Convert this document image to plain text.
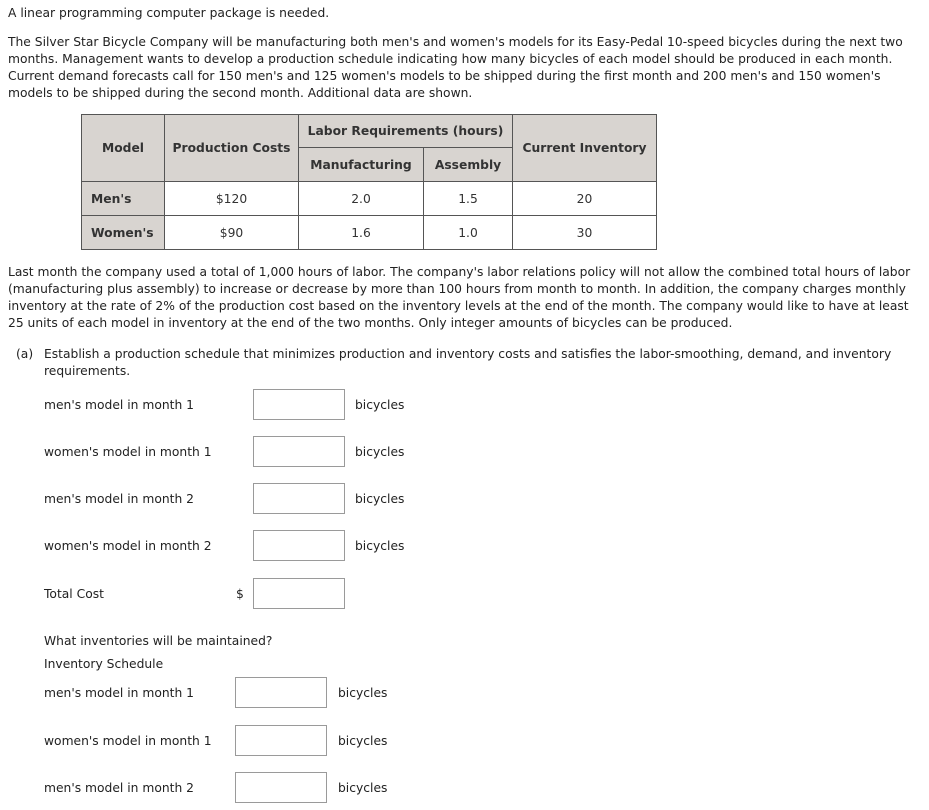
A linear programming computer package is needed.

The Silver Star Bicycle Company will be manufacturing both men's and women's models for its Easy-Pedal 10-speed bicycles during the next two

months. Management wants to develop a production schedule indicating how many bicycles of each model should be produced in each month.

Current demand forecasts call for 150 men's and 125 women's models to be shipped during the first month and 200 men's and 150 women's

models to be shipped during the second month. Additional data are shown.

Model	Production Costs	Labor Requirements (hours)		Current Inventory
		Manufacturing	Assembly	
Men's	$120	2.0	1.5	20
Women's	$90	1.6	1.0	30

Last month the company used a total of 1,000 hours of labor. The company's labor relations policy will not allow the combined total hours of labor

(manufacturing plus assembly) to increase or decrease by more than 100 hours from month to month. In addition, the company charges monthly

inventory at the rate of 2% of the production cost based on the inventory levels at the end of the month. The company would like to have at least

25 units of each model in inventory at the end of the two months. Only integer amounts of bicycles can be produced.

(a) Establish a production schedule that minimizes production and inventory costs and satisfies the labor-smoothing, demand, and inventory

requirements.

men's model in month 1	bicycles
women's model in month 1	bicycles
men's model in month 2	bicycles
women's model in month 2	bicycles
Total Cost	$

What inventories will be maintained?

Inventory Schedule

men's model in month 1	bicycles
women's model in month 1	bicycles
men's model in month 2	bicycles
